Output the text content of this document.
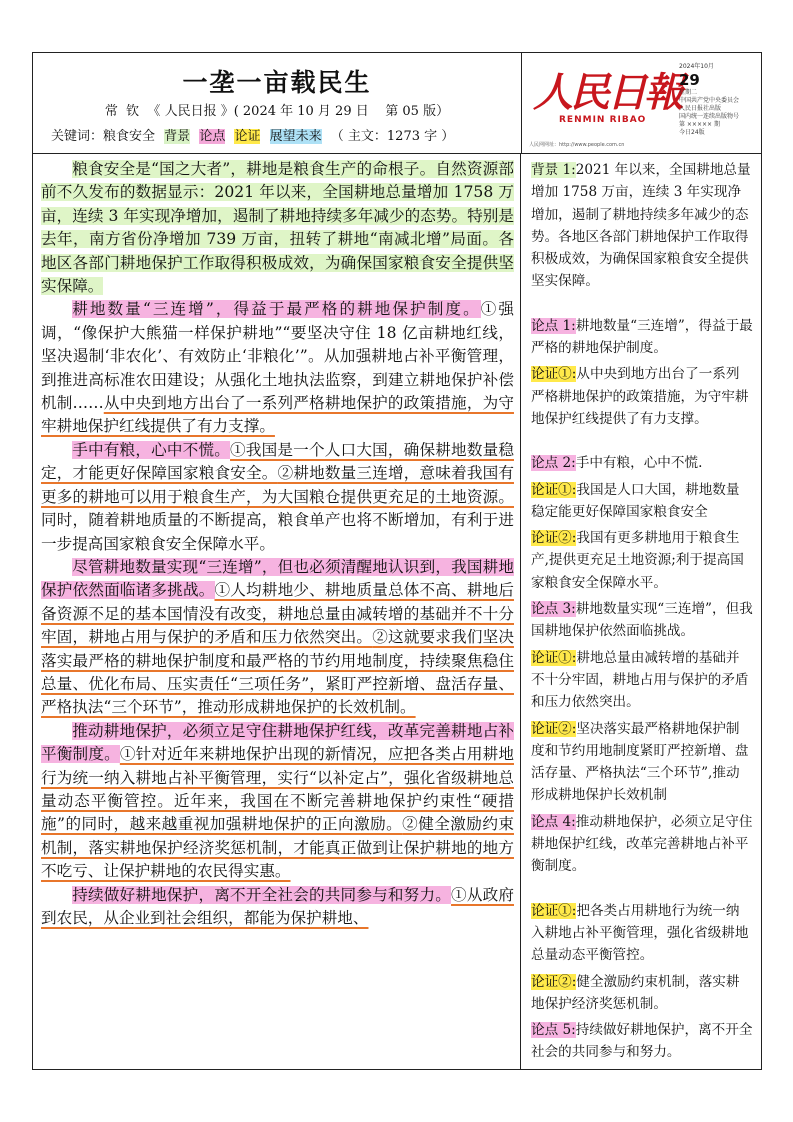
一垄一亩载民生
常  钦  《 人民日报 》( 2024 年 10 月 29 日    第 05 版）
关键词：粮食安全 背景 论点 论证 展望未来 （ 主文：1273 字 ）
人民日報
RENMIN RIBAO
2024年10月
29
星期二
中国共产党中央委员会
人民日报社出版
国内统一连续出版物号
第 ××××× 期
今日24版
人民网网址：http://www.people.com.cn

粮食安全是“国之大者”，耕地是粮食生产的命根子。自然资源部前不久发布的数据显示：2021 年以来，全国耕地总量增加 1758 万亩，连续 3 年实现净增加，遏制了耕地持续多年减少的态势。特别是去年，南方省份净增加 739 万亩，扭转了耕地“南减北增”局面。各地区各部门耕地保护工作取得积极成效，为确保国家粮食安全提供坚实保障。

耕地数量“三连增”，得益于最严格的耕地保护制度。①强调，“像保护大熊猫一样保护耕地”“要坚决守住 18 亿亩耕地红线，坚决遏制‘非农化’、有效防止‘非粮化’”。从加强耕地占补平衡管理，到推进高标准农田建设；从强化土地执法监察，到建立耕地保护补偿机制……从中央到地方出台了一系列严格耕地保护的政策措施，为守牢耕地保护红线提供了有力支撑。

手中有粮，心中不慌。①我国是一个人口大国，确保耕地数量稳定，才能更好保障国家粮食安全。②耕地数量三连增，意味着我国有更多的耕地可以用于粮食生产，为大国粮仓提供更充足的土地资源。同时，随着耕地质量的不断提高，粮食单产也将不断增加，有利于进一步提高国家粮食安全保障水平。

尽管耕地数量实现“三连增”，但也必须清醒地认识到，我国耕地保护依然面临诸多挑战。①人均耕地少、耕地质量总体不高、耕地后备资源不足的基本国情没有改变，耕地总量由减转增的基础并不十分牢固，耕地占用与保护的矛盾和压力依然突出。②这就要求我们坚决落实最严格的耕地保护制度和最严格的节约用地制度，持续聚焦稳住总量、优化布局、压实责任“三项任务”，紧盯严控新增、盘活存量、严格执法“三个环节”，推动形成耕地保护的长效机制。

推动耕地保护，必须立足守住耕地保护红线，改革完善耕地占补平衡制度。①针对近年来耕地保护出现的新情况，应把各类占用耕地行为统一纳入耕地占补平衡管理，实行“以补定占”，强化省级耕地总量动态平衡管控。近年来，我国在不断完善耕地保护约束性“硬措施”的同时，越来越重视加强耕地保护的正向激励。②健全激励约束机制，落实耕地保护经济奖惩机制，才能真正做到让保护耕地的地方不吃亏、让保护耕地的农民得实惠。

持续做好耕地保护，离不开全社会的共同参与和努力。①从政府到农民，从企业到社会组织，都能为保护耕地、

背景 1:2021 年以来，全国耕地总量增加 1758 万亩，连续 3 年实现净增加，遏制了耕地持续多年减少的态势。各地区各部门耕地保护工作取得积极成效，为确保国家粮食安全提供坚实保障。
论点 1:耕地数量“三连增”，得益于最严格的耕地保护制度。
论证①:从中央到地方出台了一系列严格耕地保护的政策措施，为守牢耕地保护红线提供了有力支撑。
论点 2:手中有粮，心中不慌.
论证①:我国是人口大国，耕地数量稳定能更好保障国家粮食安全
论证②:我国有更多耕地用于粮食生产,提供更充足土地资源;利于提高国家粮食安全保障水平。
论点 3:耕地数量实现“三连增”，但我国耕地保护依然面临挑战。
论证①:耕地总量由减转增的基础并不十分牢固，耕地占用与保护的矛盾和压力依然突出。
论证②:坚决落实最严格耕地保护制度和节约用地制度紧盯严控新增、盘活存量、严格执法“三个环节”,推动形成耕地保护长效机制
论点 4:推动耕地保护，必须立足守住耕地保护红线，改革完善耕地占补平衡制度。
论证①:把各类占用耕地行为统一纳入耕地占补平衡管理，强化省级耕地总量动态平衡管控。
论证②:健全激励约束机制，落实耕地保护经济奖惩机制。
论点 5:持续做好耕地保护，离不开全社会的共同参与和努力。
